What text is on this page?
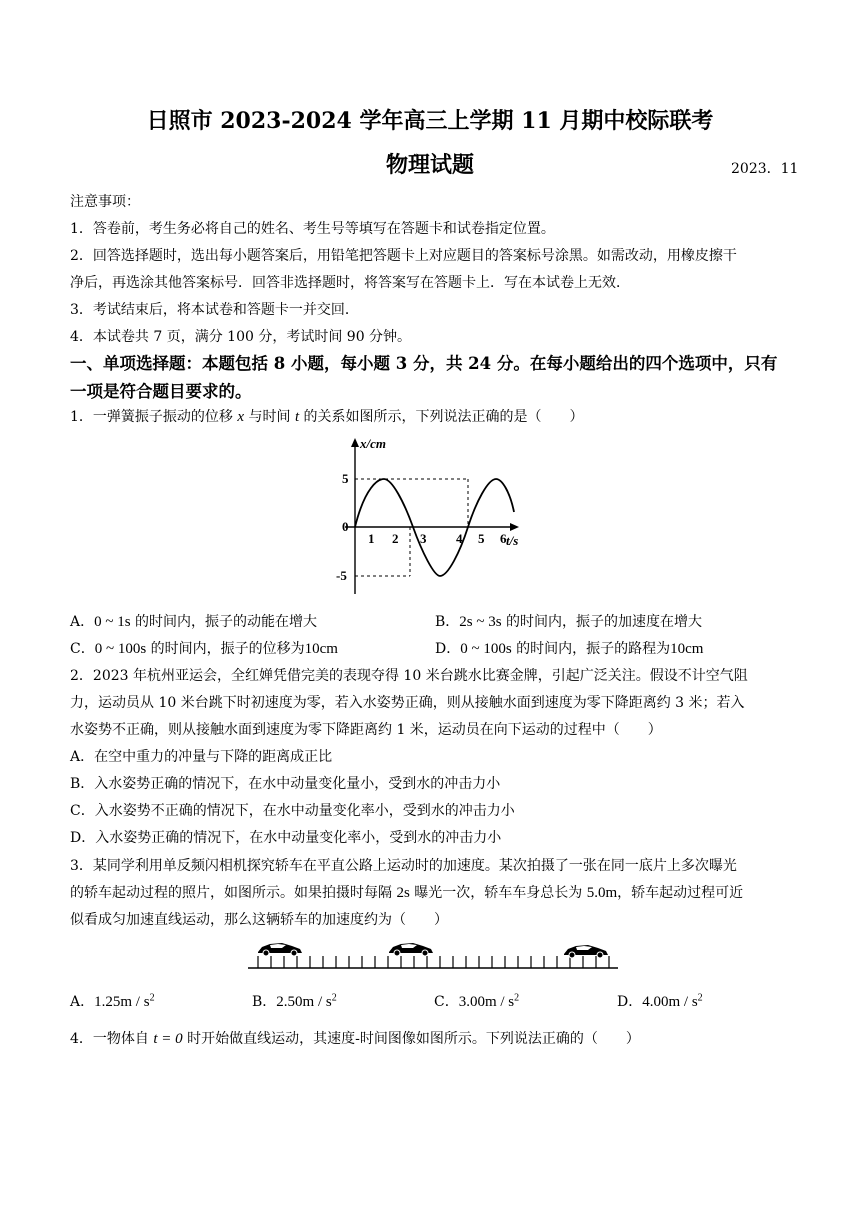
日照市 2023-2024 学年高三上学期 11 月期中校际联考
物理试题	2023．11
注意事项：
1．答卷前，考生务必将自己的姓名、考生号等填写在答题卡和试卷指定位置。
2．回答选择题时，选出每小题答案后，用铅笔把答题卡上对应题目的答案标号涂黑。如需改动，用橡皮擦干
净后，再选涂其他答案标号．回答非选择题时，将答案写在答题卡上．写在本试卷上无效．
3．考试结束后，将本试卷和答题卡一并交回．
4．本试卷共 7 页，满分 100 分，考试时间 90 分钟。
一、单项选择题：本题包括 8 小题，每小题 3 分，共 24 分。在每小题给出的四个选项中，只有
一项是符合题目要求的。
1．一弹簧振子振动的位移 x 与时间 t 的关系如图所示，下列说法正确的是（　　）
x/cm
t/s
5
0
-5
1 2 3 4 5 6
A．0 ~ 1s 的时间内，振子的动能在增大	B．2s ~ 3s 的时间内，振子的加速度在增大
C．0 ~ 100s 的时间内，振子的位移为10cm	D．0 ~ 100s 的时间内，振子的路程为10cm
2．2023 年杭州亚运会，全红婵凭借完美的表现夺得 10 米台跳水比赛金牌，引起广泛关注。假设不计空气阻
力，运动员从 10 米台跳下时初速度为零，若入水姿势正确，则从接触水面到速度为零下降距离约 3 米；若入
水姿势不正确，则从接触水面到速度为零下降距离约 1 米，运动员在向下运动的过程中（　　）
A．在空中重力的冲量与下降的距离成正比
B．入水姿势正确的情况下，在水中动量变化量小，受到水的冲击力小
C．入水姿势不正确的情况下，在水中动量变化率小，受到水的冲击力小
D．入水姿势正确的情况下，在水中动量变化率小，受到水的冲击力小
3．某同学利用单反频闪相机探究轿车在平直公路上运动时的加速度。某次拍摄了一张在同一底片上多次曝光
的轿车起动过程的照片，如图所示。如果拍摄时每隔 2s 曝光一次，轿车车身总长为 5.0m，轿车起动过程可近
似看成匀加速直线运动，那么这辆轿车的加速度约为（　　）
A．$1.25m / s^2$	B．$2.50m / s^2$	C．$3.00m / s^2$	D．$4.00m / s^2$
4．一物体自 t = 0 时开始做直线运动，其速度-时间图像如图所示。下列说法正确的（　　）
